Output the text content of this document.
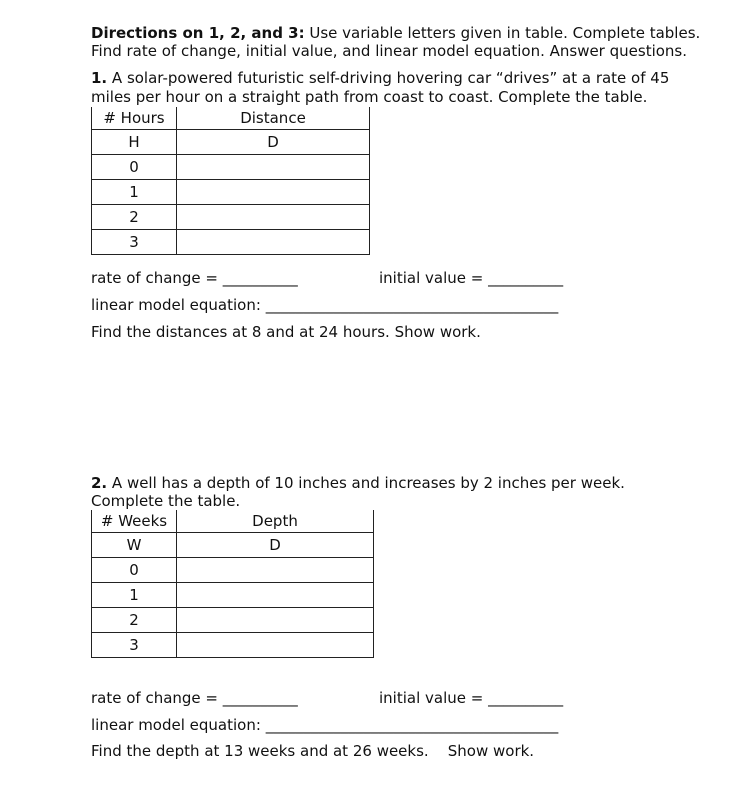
Directions on 1, 2, and 3: Use variable letters given in table. Complete tables.
Find rate of change, initial value, and linear model equation. Answer questions.
1. A solar-powered futuristic self-driving hovering car “drives” at a rate of 45
miles per hour on a straight path from coast to coast. Complete the table.
# Hours	Distance
H	D
0	
1	
2	
3	
rate of change = __________	initial value = __________
linear model equation: _______________________________________
Find the distances at 8 and at 24 hours. Show work.
2. A well has a depth of 10 inches and increases by 2 inches per week.
Complete the table.
# Weeks	Depth
W	D
0	
1	
2	
3	
rate of change = __________	initial value = __________
linear model equation: _______________________________________
Find the depth at 13 weeks and at 26 weeks.    Show work.
